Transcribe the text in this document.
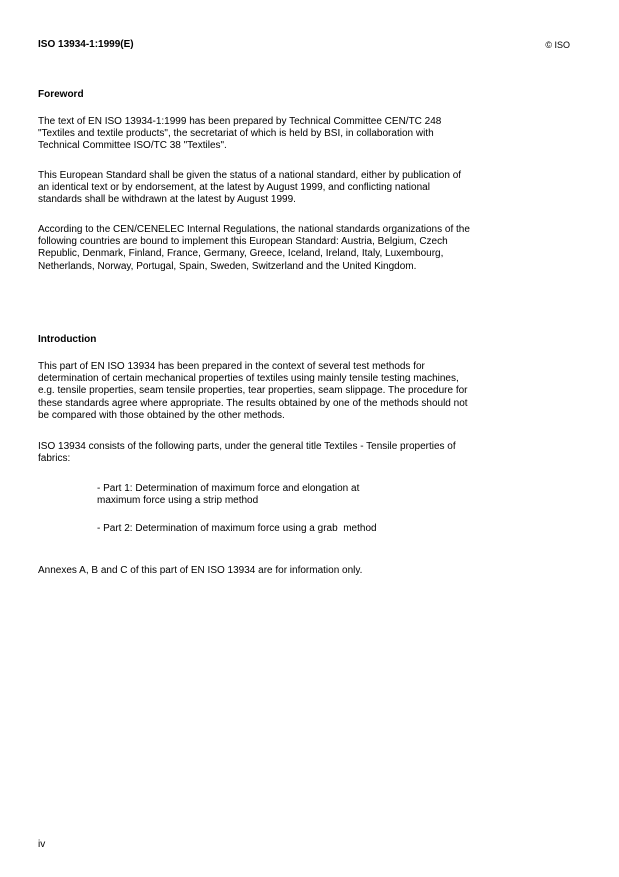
ISO 13934-1:1999(E)	© ISO
Foreword
The text of EN ISO 13934-1:1999 has been prepared by Technical Committee CEN/TC 248
"Textiles and textile products", the secretariat of which is held by BSI, in collaboration with
Technical Committee ISO/TC 38 "Textiles".
This European Standard shall be given the status of a national standard, either by publication of
an identical text or by endorsement, at the latest by August 1999, and conflicting national
standards shall be withdrawn at the latest by August 1999.
According to the CEN/CENELEC Internal Regulations, the national standards organizations of the
following countries are bound to implement this European Standard: Austria, Belgium, Czech
Republic, Denmark, Finland, France, Germany, Greece, Iceland, Ireland, Italy, Luxembourg,
Netherlands, Norway, Portugal, Spain, Sweden, Switzerland and the United Kingdom.
Introduction
This part of EN ISO 13934 has been prepared in the context of several test methods for
determination of certain mechanical properties of textiles using mainly tensile testing machines,
e.g. tensile properties, seam tensile properties, tear properties, seam slippage. The procedure for
these standards agree where appropriate. The results obtained by one of the methods should not
be compared with those obtained by the other methods.
ISO 13934 consists of the following parts, under the general title Textiles - Tensile properties of
fabrics:
- Part 1: Determination of maximum force and elongation at
maximum force using a strip method
- Part 2: Determination of maximum force using a grab  method
Annexes A, B and C of this part of EN ISO 13934 are for information only.
iv
